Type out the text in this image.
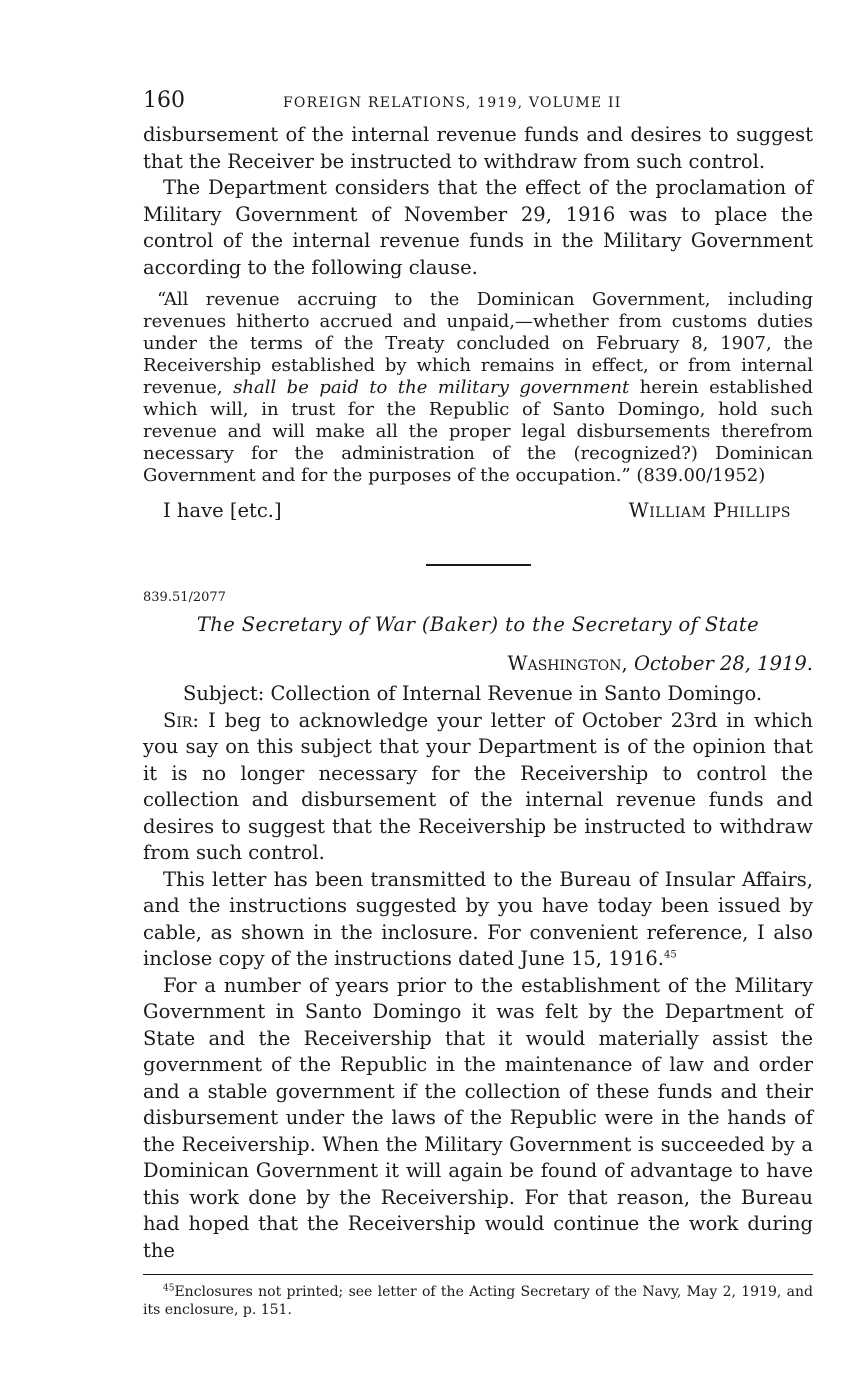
160	FOREIGN RELATIONS, 1919, VOLUME II

disbursement of the internal revenue funds and desires to suggest that the Receiver be instructed to withdraw from such control.

The Department considers that the effect of the proclamation of Military Government of November 29, 1916 was to place the control of the internal revenue funds in the Military Government according to the following clause.

“All revenue accruing to the Dominican Government, including revenues hitherto accrued and unpaid,—whether from customs duties under the terms of the Treaty concluded on February 8, 1907, the Receivership established by which remains in effect, or from internal revenue, shall be paid to the military government herein established which will, in trust for the Republic of Santo Domingo, hold such revenue and will make all the proper legal disbursements therefrom necessary for the administration of the (recognized?) Dominican Government and for the purposes of the occupation.” (839.00/1952)

I have [etc.]	William Phillips
839.51/2077
The Secretary of War (Baker) to the Secretary of State
Washington, October 28, 1919.

Subject: Collection of Internal Revenue in Santo Domingo.

Sir: I beg to acknowledge your letter of October 23rd in which you say on this subject that your Department is of the opinion that it is no longer necessary for the Receivership to control the collection and disbursement of the internal revenue funds and desires to suggest that the Receivership be instructed to withdraw from such control.

This letter has been transmitted to the Bureau of Insular Affairs, and the instructions suggested by you have today been issued by cable, as shown in the inclosure. For convenient reference, I also inclose copy of the instructions dated June 15, 1916.45

For a number of years prior to the establishment of the Military Government in Santo Domingo it was felt by the Department of State and the Receivership that it would materially assist the government of the Republic in the maintenance of law and order and a stable government if the collection of these funds and their disbursement under the laws of the Republic were in the hands of the Receivership. When the Military Government is succeeded by a Dominican Government it will again be found of advantage to have this work done by the Receivership. For that reason, the Bureau had hoped that the Receivership would continue the work during the

$^{45}$Enclosures not printed; see letter of the Acting Secretary of the Navy, May 2, 1919, and its enclosure, p. 151.
